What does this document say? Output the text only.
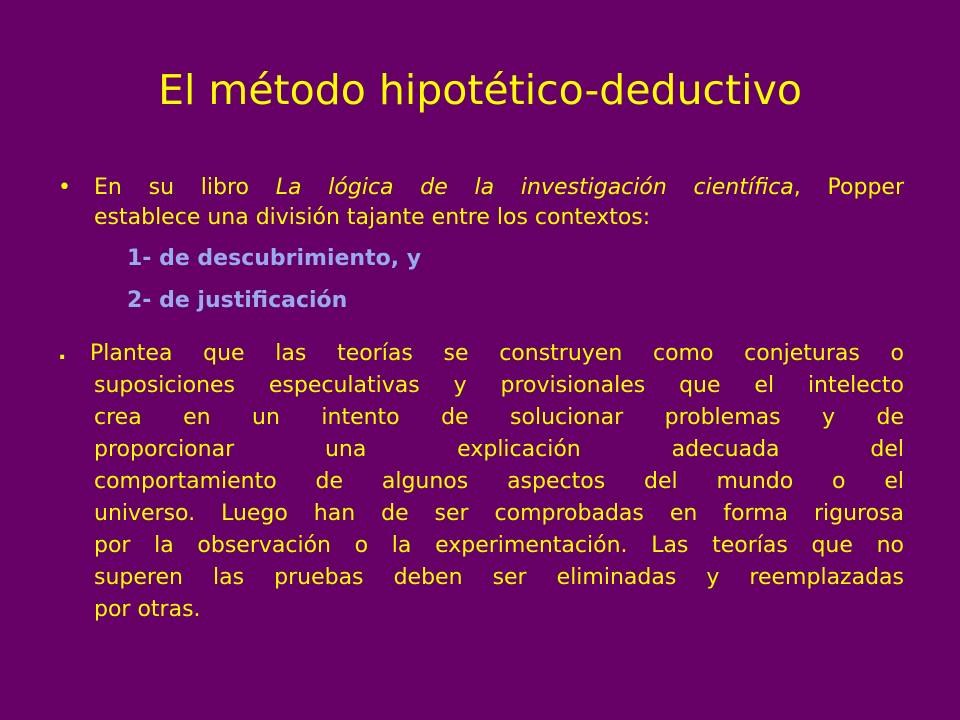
El método hipotético-deductivo
•	En su libro La lógica de la investigación científica, Popper
establece una división tajante entre los contextos:
1- de descubrimiento, y
2- de justificación
. Plantea que las teorías se construyen como conjeturas o
suposiciones especulativas y provisionales que el intelecto
crea en un intento de solucionar problemas y de
proporcionar una explicación adecuada del
comportamiento de algunos aspectos del mundo o el
universo. Luego han de ser comprobadas en forma rigurosa
por la observación o la experimentación. Las teorías que no
superen las pruebas deben ser eliminadas y reemplazadas
por otras.
